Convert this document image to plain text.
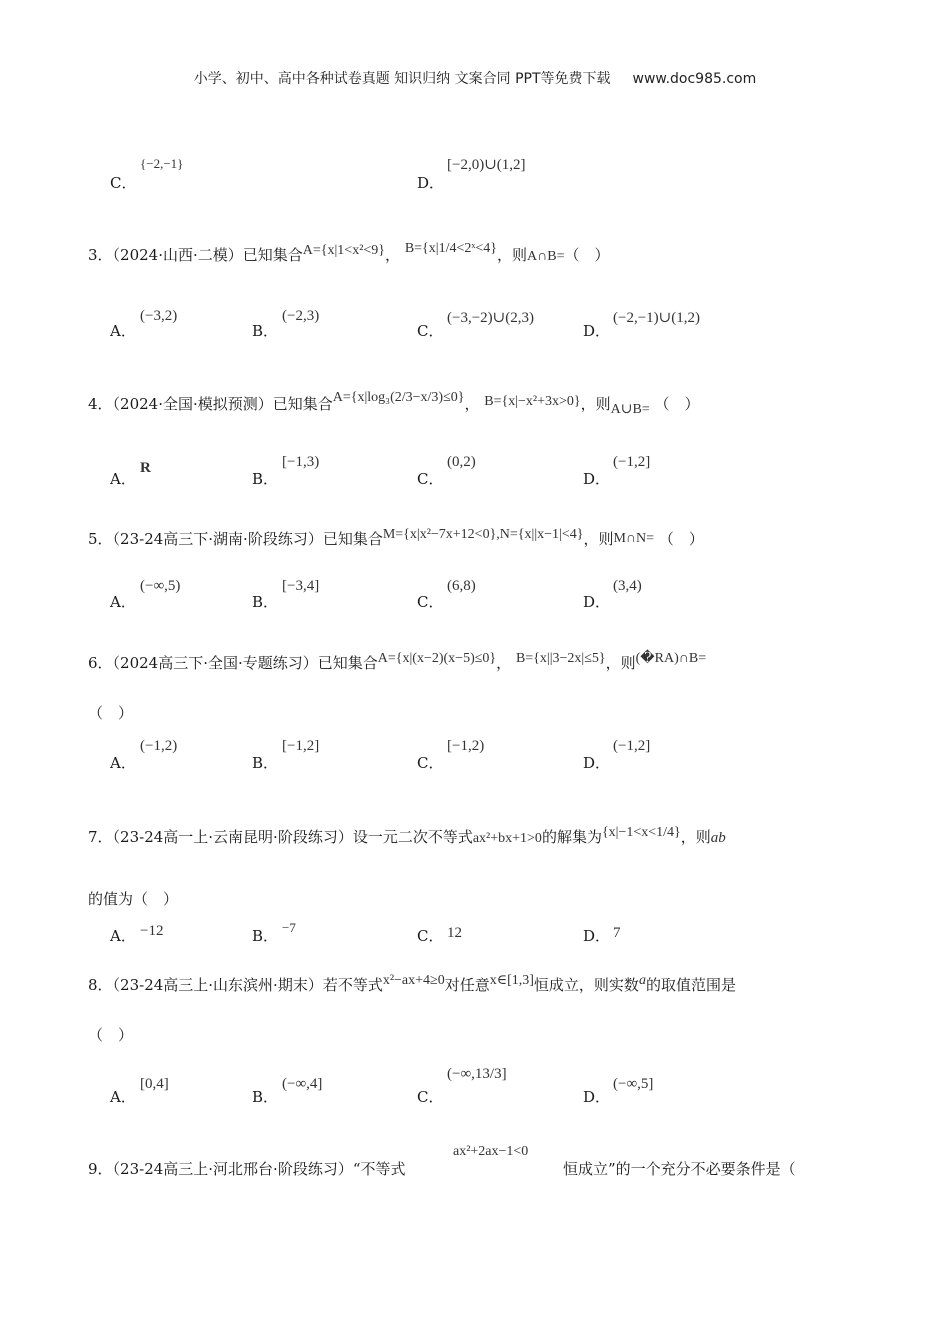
小学、初中、高中各种试卷真题 知识归纳 文案合同 PPT等免费下载 www.doc985.com
{−2,−1}
C．
[−2,0)∪(1,2]
D．
3．（2024·山西·二模）已知集合A={x|1<x²<9}， B={x|1/4<2ˣ<4}，则A∩B=（　）
(−3,2)
A．
(−2,3)
B．
(−3,−2)∪(2,3)
C．
(−2,−1)∪(1,2)
D．
4．（2024·全国·模拟预测）已知集合A={x|log₃(2/3−x/3)≤0}， B={x|−x²+3x>0}，则A∪B= （　）
R
A．
[−1,3)
B．
(0,2)
C．
(−1,2]
D．
5．（23-24高三下·湖南·阶段练习）已知集合M={x|x²−7x+12<0},N={x||x−1|<4}，则M∩N= （　）
(−∞,5)
A．
[−3,4]
B．
(6,8)
C．
(3,4)
D．
6．（2024高三下·全国·专题练习）已知集合A={x|(x−2)(x−5)≤0}， B={x||3−2x|≤5}，则(�RA)∩B=
（　）
(−1,2)
A．
[−1,2]
B．
[−1,2)
C．
(−1,2]
D．
7．（23-24高一上·云南昆明·阶段练习）设一元二次不等式ax²+bx+1>0的解集为{x|−1<x<1/4}，则ab
的值为（　）
A． −12	B． −7	C． 12	D． 7
8．（23-24高三上·山东滨州·期末）若不等式x²−ax+4≥0对任意x∈[1,3]恒成立，则实数a的取值范围是
（　）
[0,4]
A．
(−∞,4]
B．
(−∞,13/3]
C．
(−∞,5]
D．
9．（23-24高三上·河北邢台·阶段练习）“不等式
ax²+2ax−1<0
恒成立”的一个充分不必要条件是（
